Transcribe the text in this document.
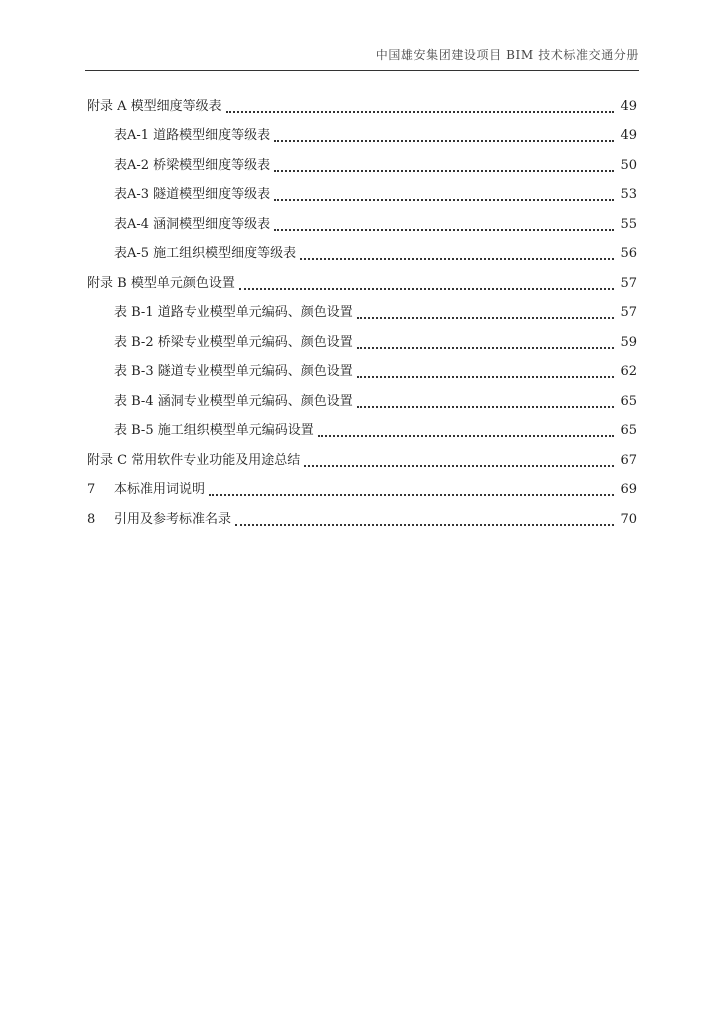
中国雄安集团建设项目 BIM 技术标准交通分册
附录 A 模型细度等级表	49
表A-1 道路模型细度等级表	49
表A-2 桥梁模型细度等级表	50
表A-3 隧道模型细度等级表	53
表A-4 涵洞模型细度等级表	55
表A-5 施工组织模型细度等级表	56
附录 B 模型单元颜色设置	57
表 B-1 道路专业模型单元编码、颜色设置	57
表 B-2 桥梁专业模型单元编码、颜色设置	59
表 B-3 隧道专业模型单元编码、颜色设置	62
表 B-4 涵洞专业模型单元编码、颜色设置	65
表 B-5 施工组织模型单元编码设置	65
附录 C 常用软件专业功能及用途总结	67
7	本标准用词说明	69
8	引用及参考标准名录	70
